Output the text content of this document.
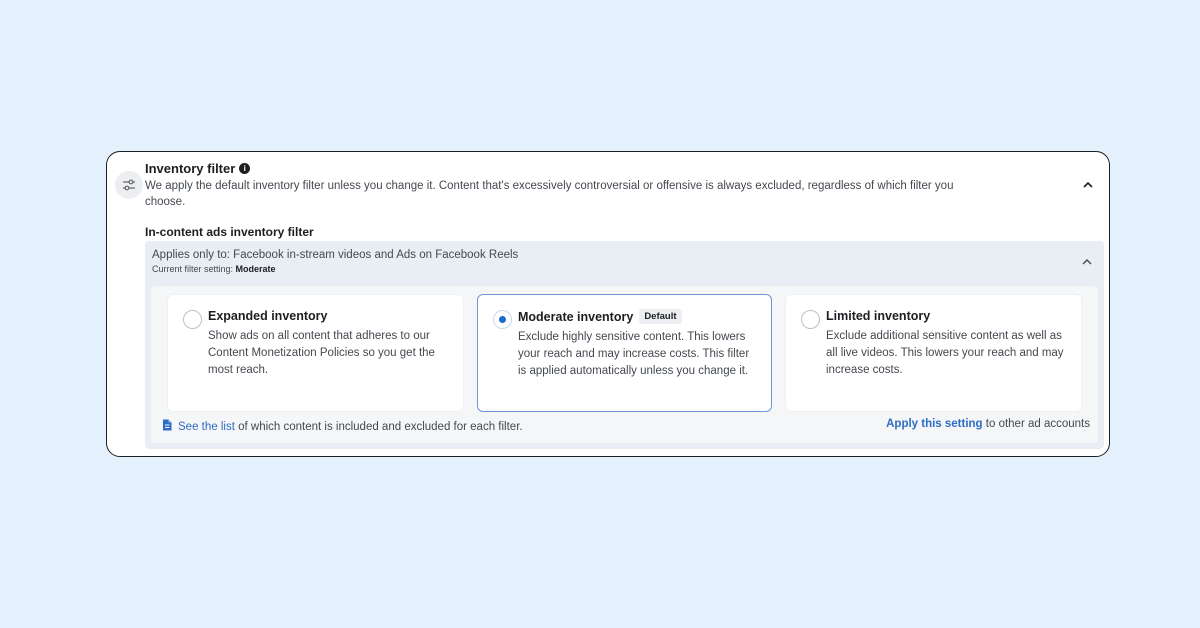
Inventory filter	i
We apply the default inventory filter unless you change it. Content that's excessively controversial or offensive is always excluded, regardless of which filter you choose.
In-content ads inventory filter
Applies only to: Facebook in-stream videos and Ads on Facebook Reels
Current filter setting: Moderate
Expanded inventory
Show ads on all content that adheres to our Content Monetization Policies so you get the most reach.
Moderate inventory	Default
Exclude highly sensitive content. This lowers your reach and may increase costs. This filter is applied automatically unless you change it.
Limited inventory
Exclude additional sensitive content as well as all live videos. This lowers your reach and may increase costs.
See the list of which content is included and excluded for each filter.	Apply this setting to other ad accounts
